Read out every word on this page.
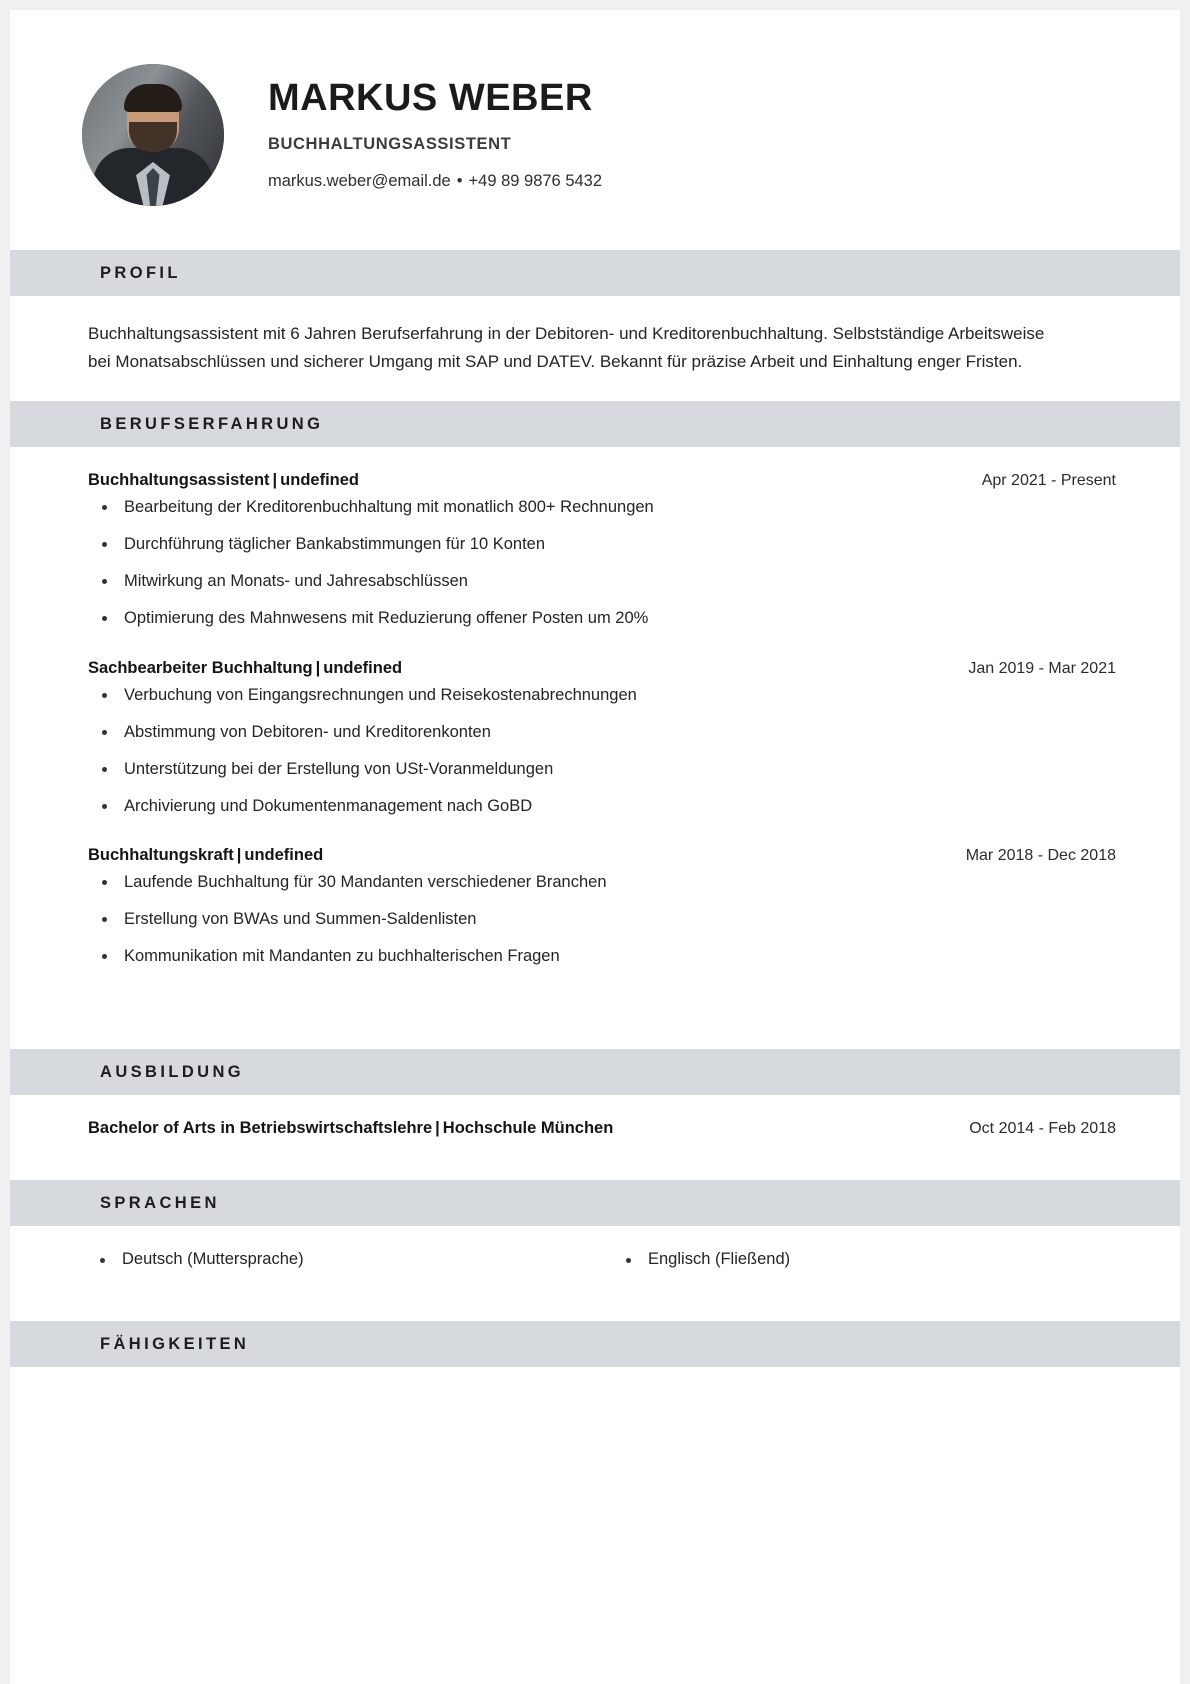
MARKUS WEBER
BUCHHALTUNGSASSISTENT
markus.weber@email.de • +49 89 9876 5432
PROFIL
Buchhaltungsassistent mit 6 Jahren Berufserfahrung in der Debitoren- und Kreditorenbuchhaltung. Selbstständige Arbeitsweise bei Monatsabschlüssen und sicherer Umgang mit SAP und DATEV. Bekannt für präzise Arbeit und Einhaltung enger Fristen.
BERUFSERFAHRUNG
Buchhaltungsassistent | undefined	Apr 2021 - Present
Bearbeitung der Kreditorenbuchhaltung mit monatlich 800+ Rechnungen
Durchführung täglicher Bankabstimmungen für 10 Konten
Mitwirkung an Monats- und Jahresabschlüssen
Optimierung des Mahnwesens mit Reduzierung offener Posten um 20%
Sachbearbeiter Buchhaltung | undefined	Jan 2019 - Mar 2021
Verbuchung von Eingangsrechnungen und Reisekostenabrechnungen
Abstimmung von Debitoren- und Kreditorenkonten
Unterstützung bei der Erstellung von USt-Voranmeldungen
Archivierung und Dokumentenmanagement nach GoBD
Buchhaltungskraft | undefined	Mar 2018 - Dec 2018
Laufende Buchhaltung für 30 Mandanten verschiedener Branchen
Erstellung von BWAs und Summen-Saldenlisten
Kommunikation mit Mandanten zu buchhalterischen Fragen
AUSBILDUNG
Bachelor of Arts in Betriebswirtschaftslehre | Hochschule München	Oct 2014 - Feb 2018
SPRACHEN
Deutsch (Muttersprache)	Englisch (Fließend)
FÄHIGKEITEN
